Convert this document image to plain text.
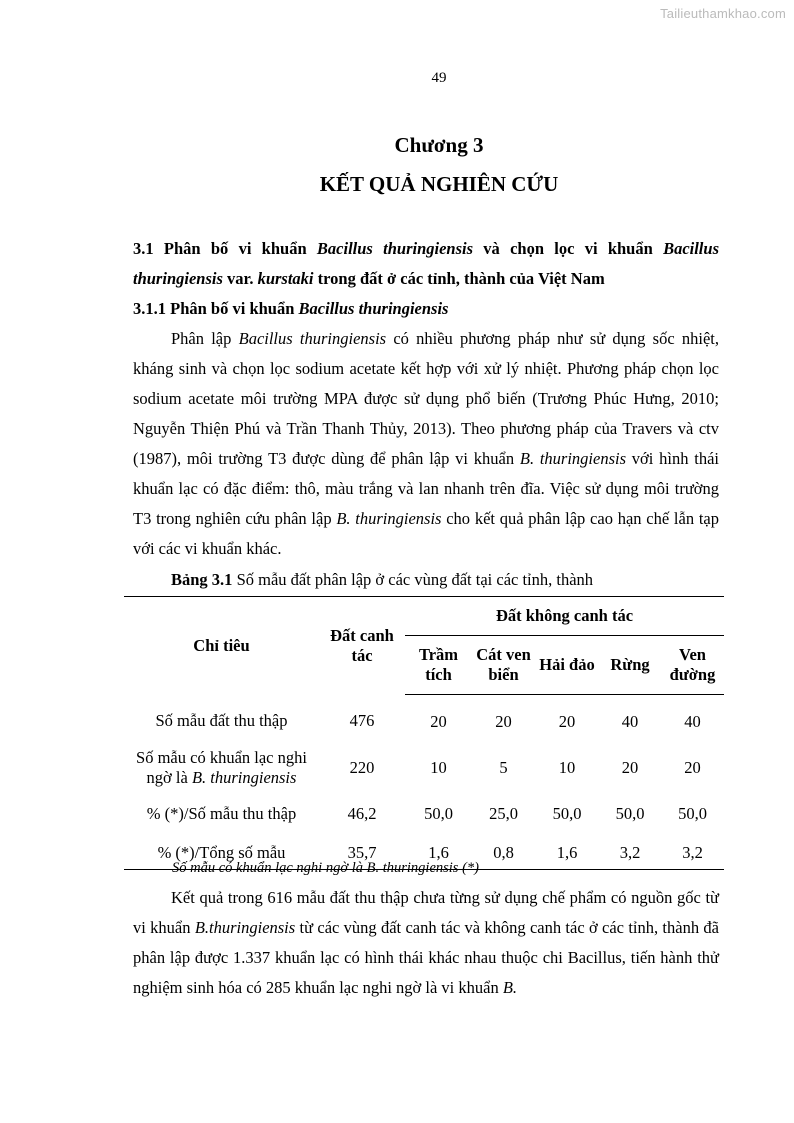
Tailieuthamkhao.com
49
Chương 3
KẾT QUẢ NGHIÊN CỨU
3.1 Phân bố vi khuẩn Bacillus thuringiensis và chọn lọc vi khuẩn Bacillus thuringiensis var. kurstaki trong đất ở các tỉnh, thành của Việt Nam
3.1.1 Phân bố vi khuẩn Bacillus thuringiensis

Phân lập Bacillus thuringiensis có nhiều phương pháp như sử dụng sốc nhiệt, kháng sinh và chọn lọc sodium acetate kết hợp với xử lý nhiệt. Phương pháp chọn lọc sodium acetate môi trường MPA được sử dụng phổ biến (Trương Phúc Hưng, 2010; Nguyễn Thiện Phú và Trần Thanh Thủy, 2013). Theo phương pháp của Travers và ctv (1987), môi trường T3 được dùng để phân lập vi khuẩn B. thuringiensis với hình thái khuẩn lạc có đặc điểm: thô, màu trắng và lan nhanh trên đĩa. Việc sử dụng môi trường T3 trong nghiên cứu phân lập B. thuringiensis cho kết quả phân lập cao hạn chế lẫn tạp với các vi khuẩn khác.

Bảng 3.1 Số mẫu đất phân lập ở các vùng đất tại các tỉnh, thành
Chỉ tiêu	Đất canh tác	Đất không canh tác				
		Trầm tích	Cát ven biển	Hải đảo	Rừng	Ven đường
Số mẫu đất thu thập	476	20	20	20	40	40
Số mẫu có khuẩn lạc nghi ngờ là B. thuringiensis	220	10	5	10	20	20
% (*)/Số mẫu thu thập	46,2	50,0	25,0	50,0	50,0	50,0
% (*)/Tổng số mẫu	35,7	1,6	0,8	1,6	3,2	3,2
Số mẫu có khuẩn lạc nghi ngờ là B. thuringiensis (*)

Kết quả trong 616 mẫu đất thu thập chưa từng sử dụng chế phẩm có nguồn gốc từ vi khuẩn B.thuringiensis từ các vùng đất canh tác và không canh tác ở các tỉnh, thành đã phân lập được 1.337 khuẩn lạc có hình thái khác nhau thuộc chi Bacillus, tiến hành thử nghiệm sinh hóa có 285 khuẩn lạc nghi ngờ là vi khuẩn B.
